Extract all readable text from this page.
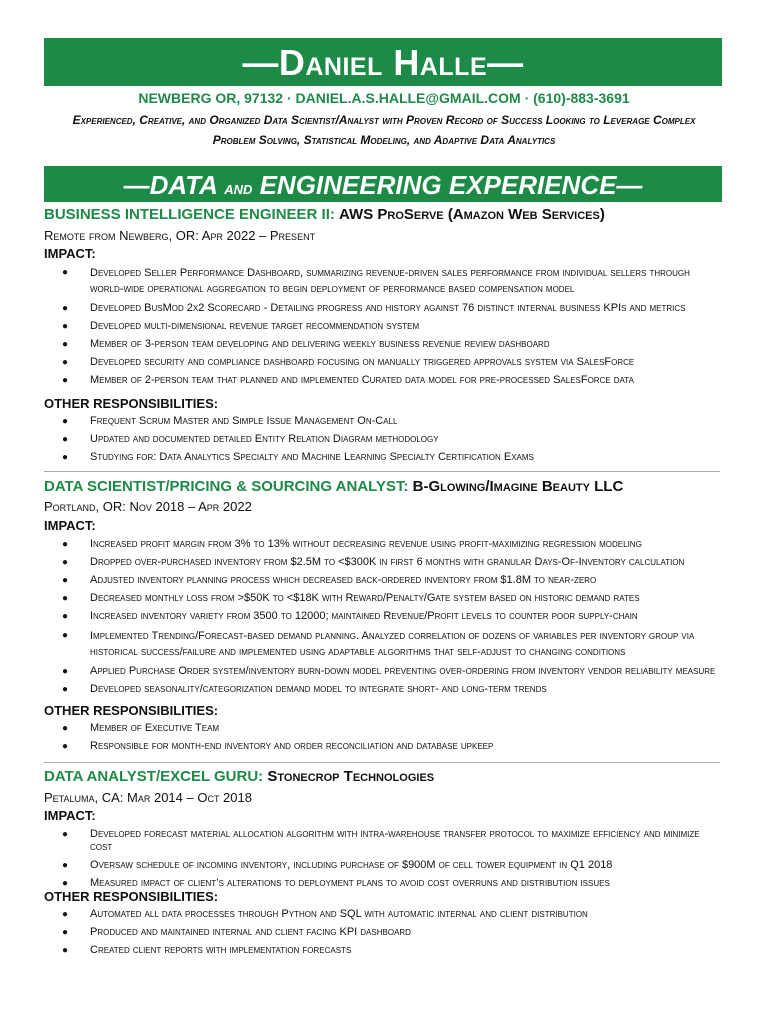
—Daniel Halle—
NEWBERG OR, 97132 · DANIEL.A.S.HALLE@GMAIL.COM · (610)-883-3691
Experienced, Creative, and Organized Data Scientist/Analyst with Proven Record of Success Looking to Leverage Complex
Problem Solving, Statistical Modeling, and Adaptive Data Analytics
—DATA and ENGINEERING EXPERIENCE—
BUSINESS INTELLIGENCE ENGINEER II: AWS ProServe (Amazon Web Services)
Remote from Newberg, OR: Apr 2022 – Present
IMPACT:
● Developed Seller Performance Dashboard, summarizing revenue-driven sales performance from individual sellers through world-wide operational aggregation to begin deployment of performance based compensation model
● Developed BusMod 2x2 Scorecard - Detailing progress and history against 76 distinct internal business KPIs and metrics
● Developed multi-dimensional revenue target recommendation system
● Member of 3-person team developing and delivering weekly business revenue review dashboard
● Developed security and compliance dashboard focusing on manually triggered approvals system via SalesForce
● Member of 2-person team that planned and implemented Curated data model for pre-processed SalesForce data
OTHER RESPONSIBILITIES:
● Frequent Scrum Master and Simple Issue Management On-Call
● Updated and documented detailed Entity Relation Diagram methodology
● Studying for: Data Analytics Specialty and Machine Learning Specialty Certification Exams
DATA SCIENTIST/PRICING & SOURCING ANALYST: B-Glowing/Imagine Beauty LLC
Portland, OR: Nov 2018 – Apr 2022
IMPACT:
● Increased profit margin from 3% to 13% without decreasing revenue using profit-maximizing regression modeling
● Dropped over-purchased inventory from $2.5M to <$300K in first 6 months with granular Days-Of-Inventory calculation
● Adjusted inventory planning process which decreased back-ordered inventory from $1.8M to near-zero
● Decreased monthly loss from >$50K to <$18K with Reward/Penalty/Gate system based on historic demand rates
● Increased inventory variety from 3500 to 12000; maintained Revenue/Profit levels to counter poor supply-chain
● Implemented Trending/Forecast-based demand planning. Analyzed correlation of dozens of variables per inventory group via historical success/failure and implemented using adaptable algorithms that self-adjust to changing conditions
● Applied Purchase Order system/inventory burn-down model preventing over-ordering from inventory vendor reliability measure
● Developed seasonality/categorization demand model to integrate short- and long-term trends
OTHER RESPONSIBILITIES:
● Member of Executive Team
● Responsible for month-end inventory and order reconciliation and database upkeep
DATA ANALYST/EXCEL GURU: Stonecrop Technologies
Petaluma, CA: Mar 2014 – Oct 2018
IMPACT:
● Developed forecast material allocation algorithm with intra-warehouse transfer protocol to maximize efficiency and minimize cost
● Oversaw schedule of incoming inventory, including purchase of $900M of cell tower equipment in Q1 2018
● Measured impact of client’s alterations to deployment plans to avoid cost overruns and distribution issues
OTHER RESPONSIBILITIES:
● Automated all data processes through Python and SQL with automatic internal and client distribution
● Produced and maintained internal and client facing KPI dashboard
● Created client reports with implementation forecasts
